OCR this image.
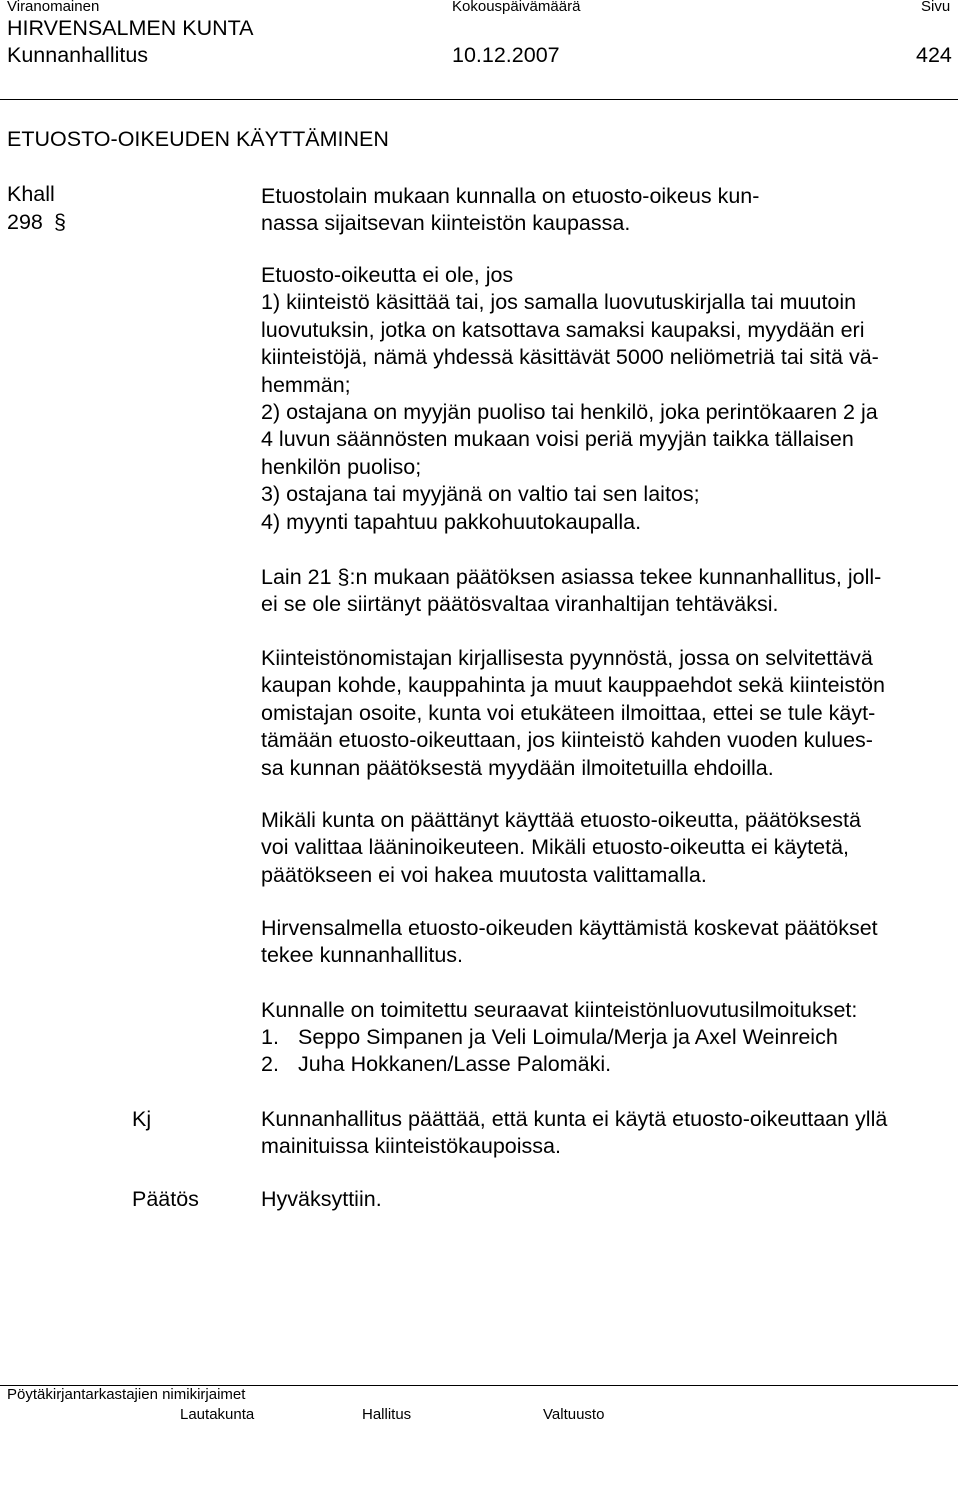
Viranomainen	Kokouspäivämäärä	Sivu
HIRVENSALMEN KUNTA
Kunnanhallitus	10.12.2007	424
ETUOSTO-OIKEUDEN KÄYTTÄMINEN
Khall
298 §
Etuostolain mukaan kunnalla on etuosto-oikeus kun-
nassa sijaitsevan kiinteistön kaupassa.
Etuosto-oikeutta ei ole, jos
1) kiinteistö käsittää tai, jos samalla luovutuskirjalla tai muutoin
luovutuksin, jotka on katsottava samaksi kaupaksi, myydään eri
kiinteistöjä, nämä yhdessä käsittävät 5000 neliömetriä tai sitä vä-
hemmän;
2) ostajana on myyjän puoliso tai henkilö, joka perintökaaren 2 ja
4 luvun säännösten mukaan voisi periä myyjän taikka tällaisen
henkilön puoliso;
3) ostajana tai myyjänä on valtio tai sen laitos;
4) myynti tapahtuu pakkohuutokaupalla.
Lain 21 §:n mukaan päätöksen asiassa tekee kunnanhallitus, joll-
ei se ole siirtänyt päätösvaltaa viranhaltijan tehtäväksi.
Kiinteistönomistajan kirjallisesta pyynnöstä, jossa on selvitettävä
kaupan kohde, kauppahinta ja muut kauppaehdot sekä kiinteistön
omistajan osoite, kunta voi etukäteen ilmoittaa, ettei se tule käyt-
tämään etuosto-oikeuttaan, jos kiinteistö kahden vuoden kulues-
sa kunnan päätöksestä myydään ilmoitetuilla ehdoilla.
Mikäli kunta on päättänyt käyttää etuosto-oikeutta, päätöksestä
voi valittaa lääninoikeuteen. Mikäli etuosto-oikeutta ei käytetä,
päätökseen ei voi hakea muutosta valittamalla.
Hirvensalmella etuosto-oikeuden käyttämistä koskevat päätökset
tekee kunnanhallitus.
Kunnalle on toimitettu seuraavat kiinteistönluovutusilmoitukset:
1. Seppo Simpanen ja Veli Loimula/Merja ja Axel Weinreich
2. Juha Hokkanen/Lasse Palomäki.
Kj	Kunnanhallitus päättää, että kunta ei käytä etuosto-oikeuttaan yllä
mainituissa kiinteistökaupoissa.
Päätös	Hyväksyttiin.
Pöytäkirjantarkastajien nimikirjaimet
Lautakunta	Hallitus	Valtuusto
